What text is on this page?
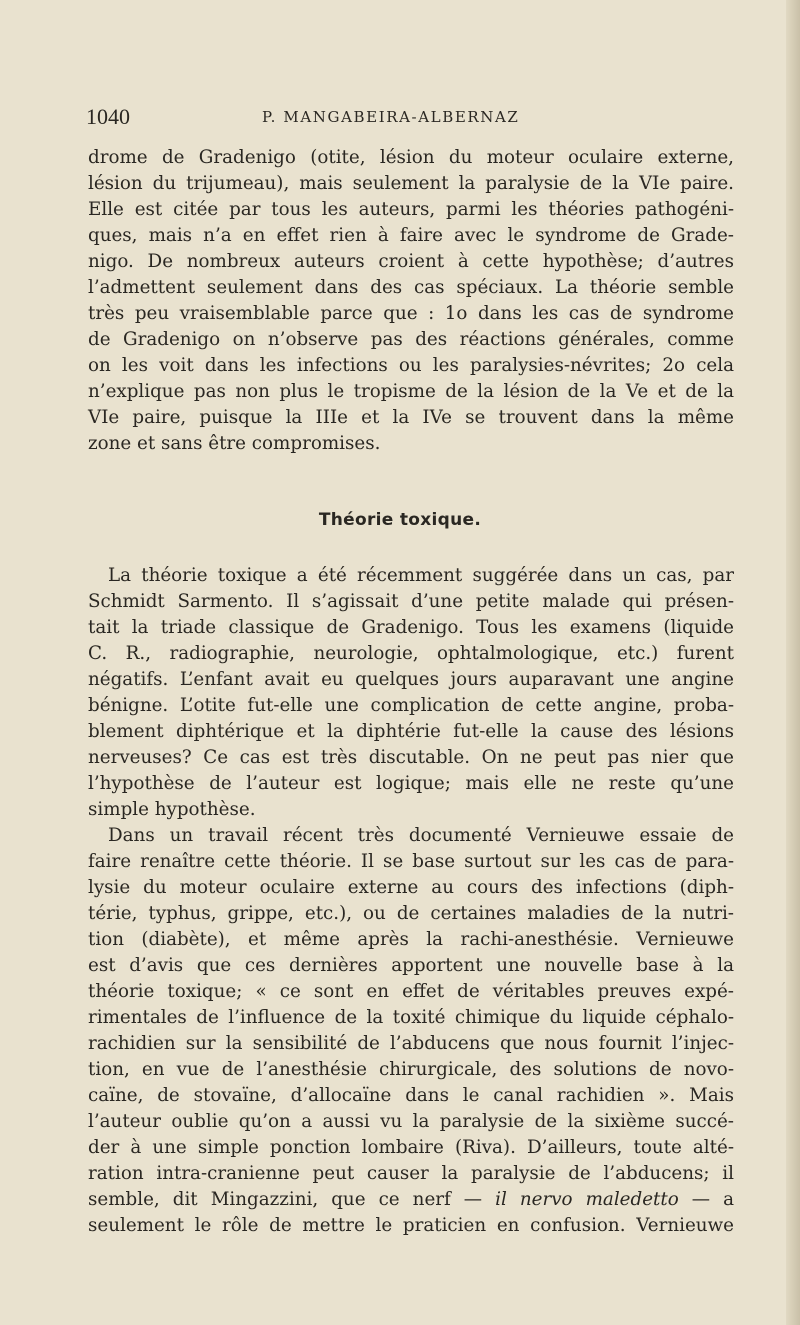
1040	P. MANGABEIRA-ALBERNAZ
drome de Gradenigo (otite, lésion du moteur oculaire externe,
lésion du trijumeau), mais seulement la paralysie de la VIe paire.
Elle est citée par tous les auteurs, parmi les théories pathogéni-
ques, mais n’a en effet rien à faire avec le syndrome de Grade-
nigo. De nombreux auteurs croient à cette hypothèse; d’autres
l’admettent seulement dans des cas spéciaux. La théorie semble
très peu vraisemblable parce que : 1o dans les cas de syndrome
de Gradenigo on n’observe pas des réactions générales, comme
on les voit dans les infections ou les paralysies-névrites; 2o cela
n’explique pas non plus le tropisme de la lésion de la Ve et de la
VIe paire, puisque la IIIe et la IVe se trouvent dans la même
zone et sans être compromises.
Théorie toxique.
La théorie toxique a été récemment suggérée dans un cas, par
Schmidt Sarmento. Il s’agissait d’une petite malade qui présen-
tait la triade classique de Gradenigo. Tous les examens (liquide
C. R., radiographie, neurologie, ophtalmologique, etc.) furent
négatifs. L’enfant avait eu quelques jours auparavant une angine
bénigne. L’otite fut-elle une complication de cette angine, proba-
blement diphtérique et la diphtérie fut-elle la cause des lésions
nerveuses? Ce cas est très discutable. On ne peut pas nier que
l’hypothèse de l’auteur est logique; mais elle ne reste qu’une
simple hypothèse.
Dans un travail récent très documenté Vernieuwe essaie de
faire renaître cette théorie. Il se base surtout sur les cas de para-
lysie du moteur oculaire externe au cours des infections (diph-
térie, typhus, grippe, etc.), ou de certaines maladies de la nutri-
tion (diabète), et même après la rachi-anesthésie. Vernieuwe
est d’avis que ces dernières apportent une nouvelle base à la
théorie toxique; « ce sont en effet de véritables preuves expé-
rimentales de l’influence de la toxité chimique du liquide céphalo-
rachidien sur la sensibilité de l’abducens que nous fournit l’injec-
tion, en vue de l’anesthésie chirurgicale, des solutions de novo-
caïne, de stovaïne, d’allocaïne dans le canal rachidien ». Mais
l’auteur oublie qu’on a aussi vu la paralysie de la sixième succé-
der à une simple ponction lombaire (Riva). D’ailleurs, toute alté-
ration intra-cranienne peut causer la paralysie de l’abducens; il
semble, dit Mingazzini, que ce nerf — il nervo maledetto — a
seulement le rôle de mettre le praticien en confusion. Vernieuwe
